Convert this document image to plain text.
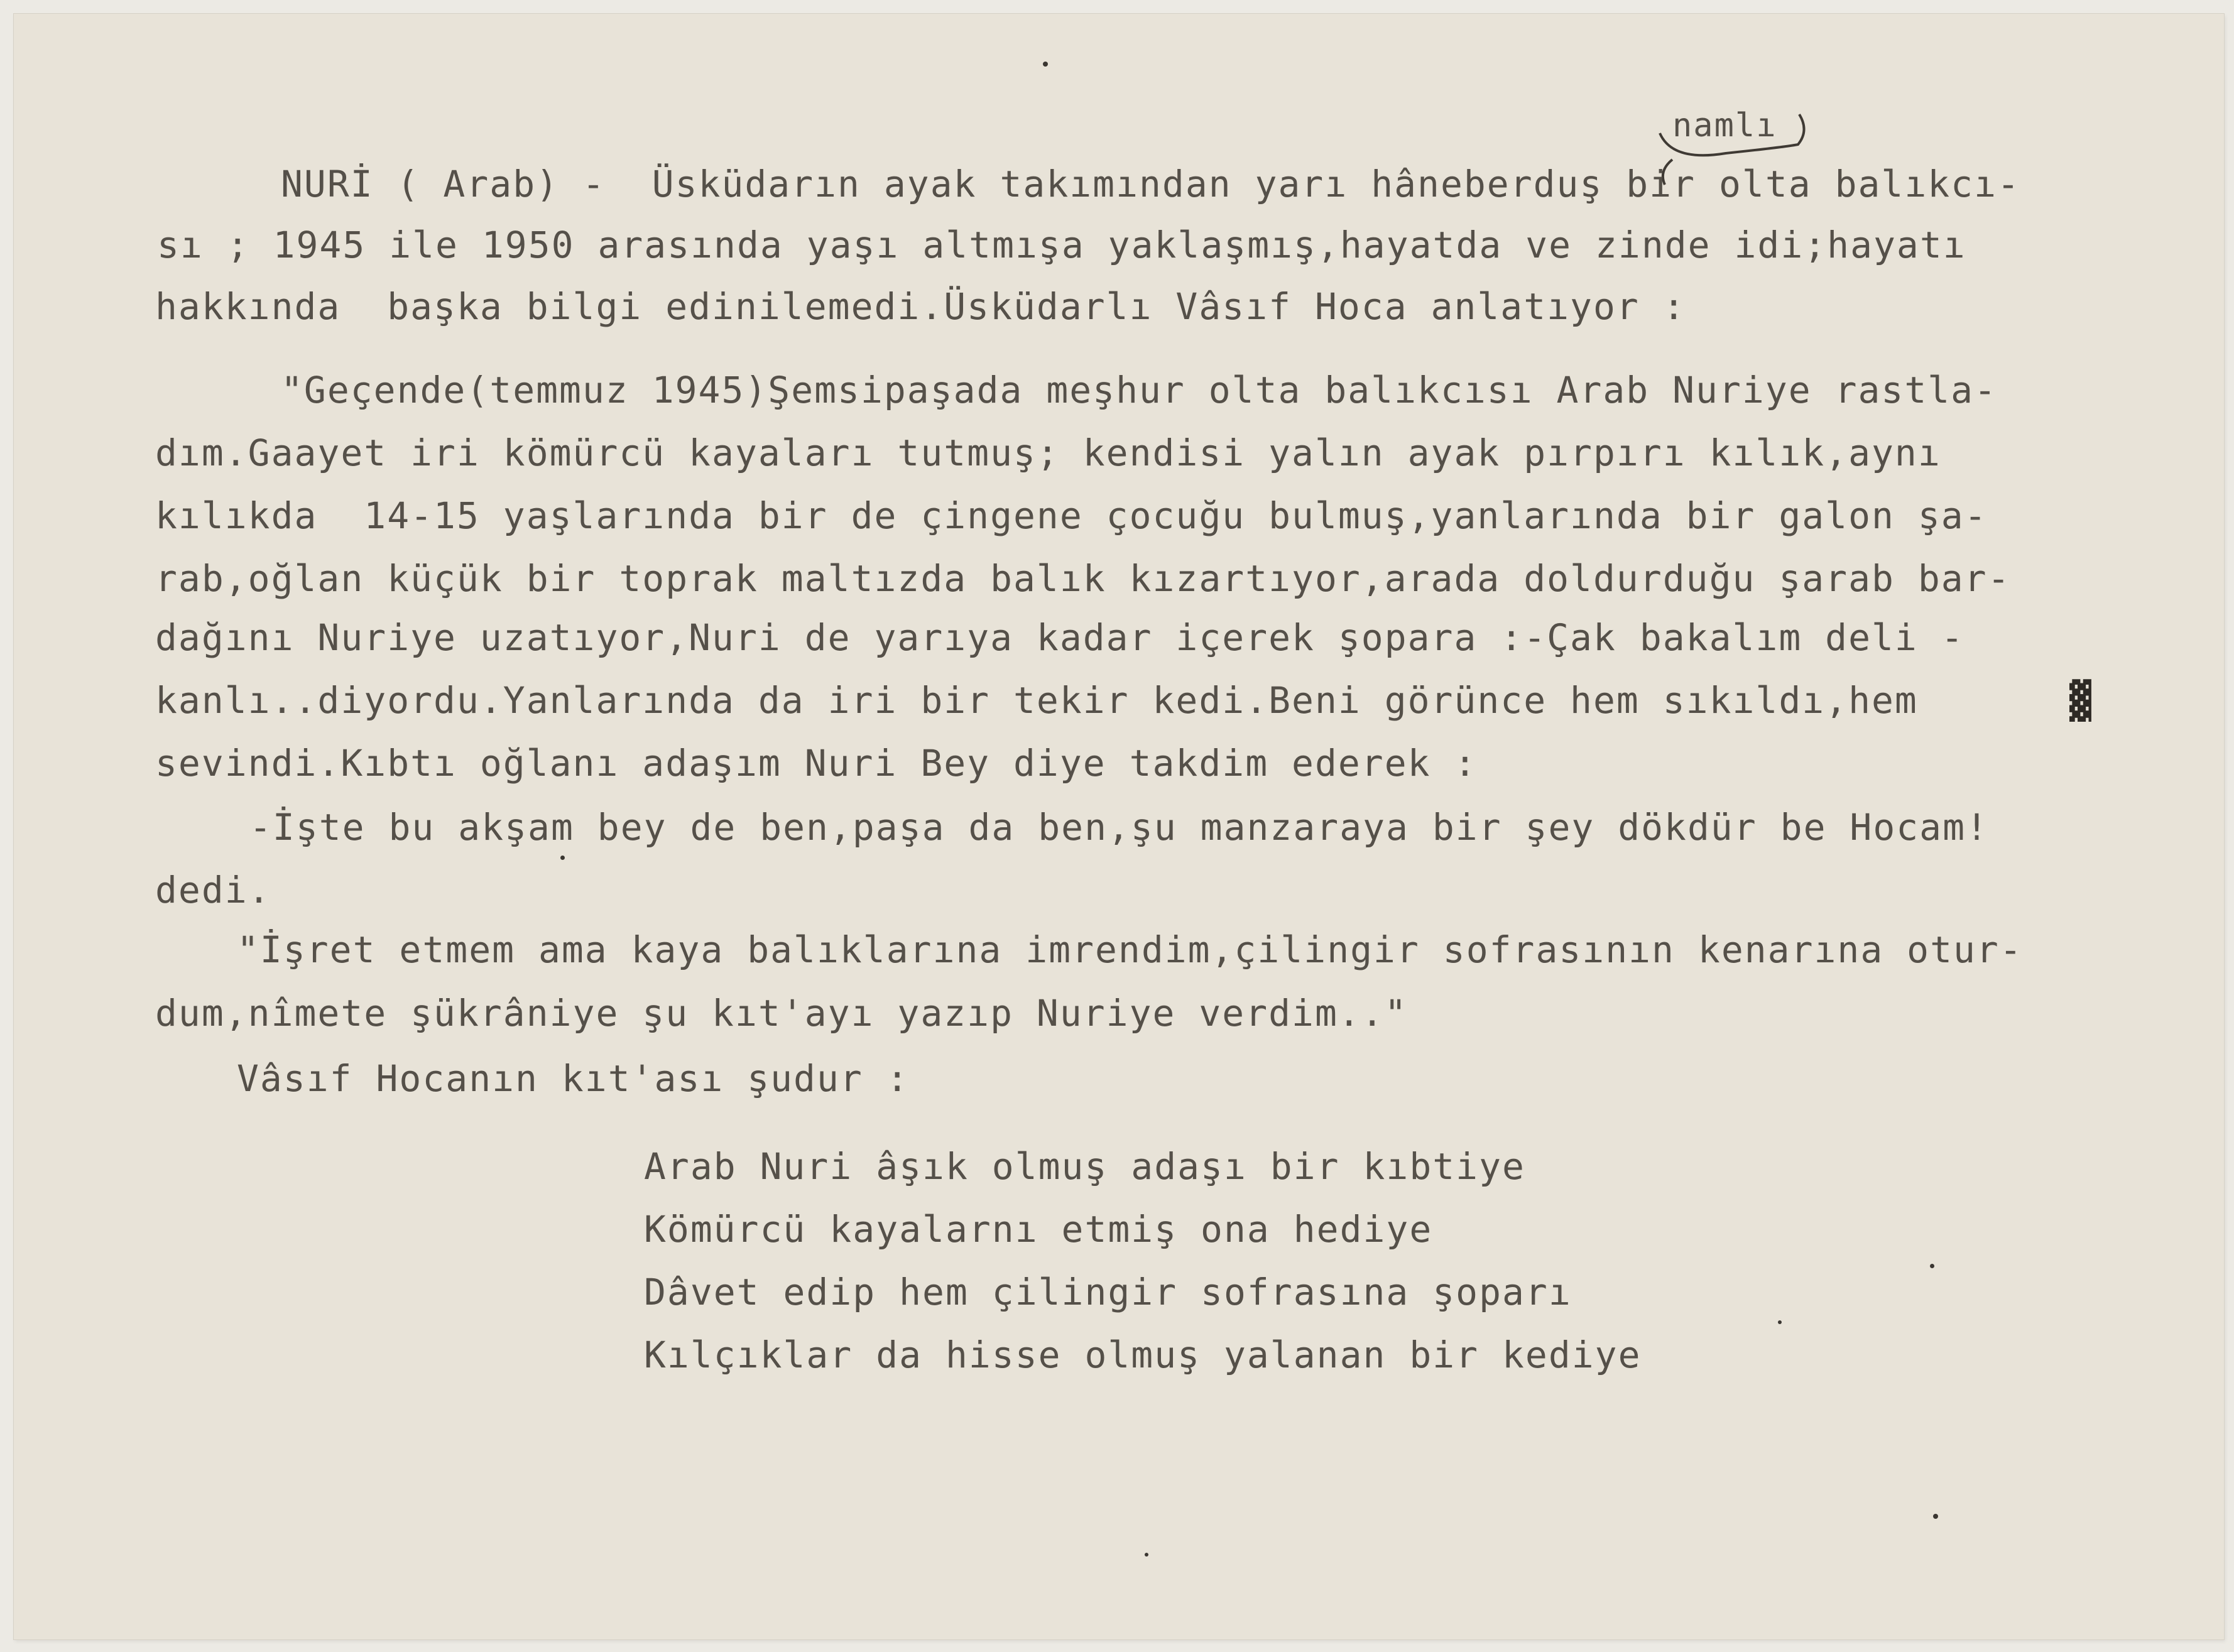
namlı
NURİ ( Arab) -  Üsküdarın ayak takımından yarı hâneberduş bir olta balıkcı-
sı ; 1945 ile 1950 arasında yaşı altmışa yaklaşmış,hayatda ve zinde idi;hayatı
hakkında  başka bilgi edinilemedi.Üsküdarlı Vâsıf Hoca anlatıyor :
"Geçende(temmuz 1945)Şemsipaşada meşhur olta balıkcısı Arab Nuriye rastla-
dım.Gaayet iri kömürcü kayaları tutmuş; kendisi yalın ayak pırpırı kılık,aynı
kılıkda  14-15 yaşlarında bir de çingene çocuğu bulmuş,yanlarında bir galon şa-
rab,oğlan küçük bir toprak maltızda balık kızartıyor,arada doldurduğu şarab bar-
dağını Nuriye uzatıyor,Nuri de yarıya kadar içerek şopara :-Çak bakalım deli -
kanlı..diyordu.Yanlarında da iri bir tekir kedi.Beni görünce hem sıkıldı,hem
sevindi.Kıbtı oğlanı adaşım Nuri Bey diye takdim ederek :
-İşte bu akşam bey de ben,paşa da ben,şu manzaraya bir şey dökdür be Hocam!
dedi.
"İşret etmem ama kaya balıklarına imrendim,çilingir sofrasının kenarına otur-
dum,nîmete şükrâniye şu kıt'ayı yazıp Nuriye verdim.."
Vâsıf Hocanın kıt'ası şudur :
Arab Nuri âşık olmuş adaşı bir kıbtiye
Kömürcü kayalarnı etmiş ona hediye
Dâvet edip hem çilingir sofrasına şoparı
Kılçıklar da hisse olmuş yalanan bir kediye
▓
